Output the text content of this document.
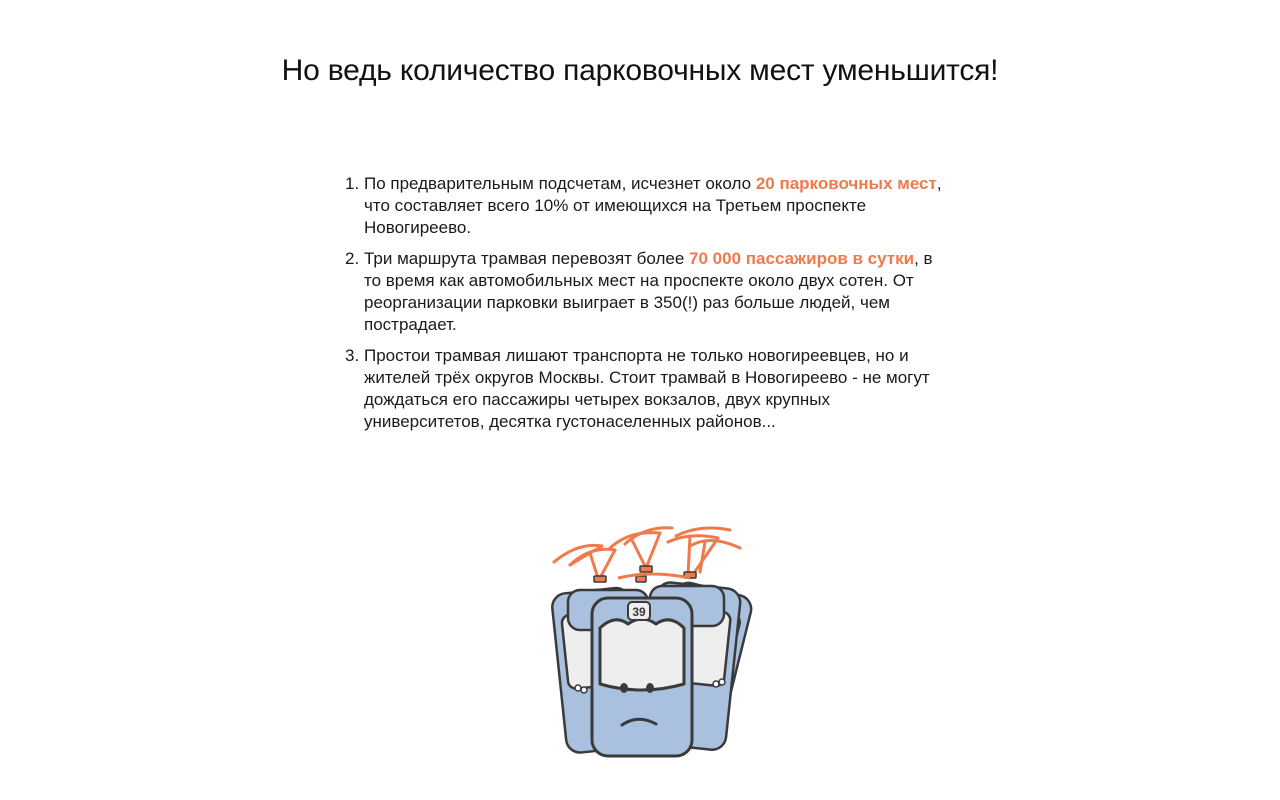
Но ведь количество парковочных мест уменьшится!
1. По предварительным подсчетам, исчезнет около 20 парковочных мест, что составляет всего 10% от имеющихся на Третьем проспекте Новогиреево.
2. Три маршрута трамвая перевозят более 70 000 пассажиров в сутки, в то время как автомобильных мест на проспекте около двух сотен. От реорганизации парковки выиграет в 350(!) раз больше людей, чем пострадает.
3. Простои трамвая лишают транспорта не только новогиреевцев, но и жителей трёх округов Москвы. Стоит трамвай в Новогиреево - не могут дождаться его пассажиры четырех вокзалов, двух крупных университетов, десятка густонаселенных районов...
39
